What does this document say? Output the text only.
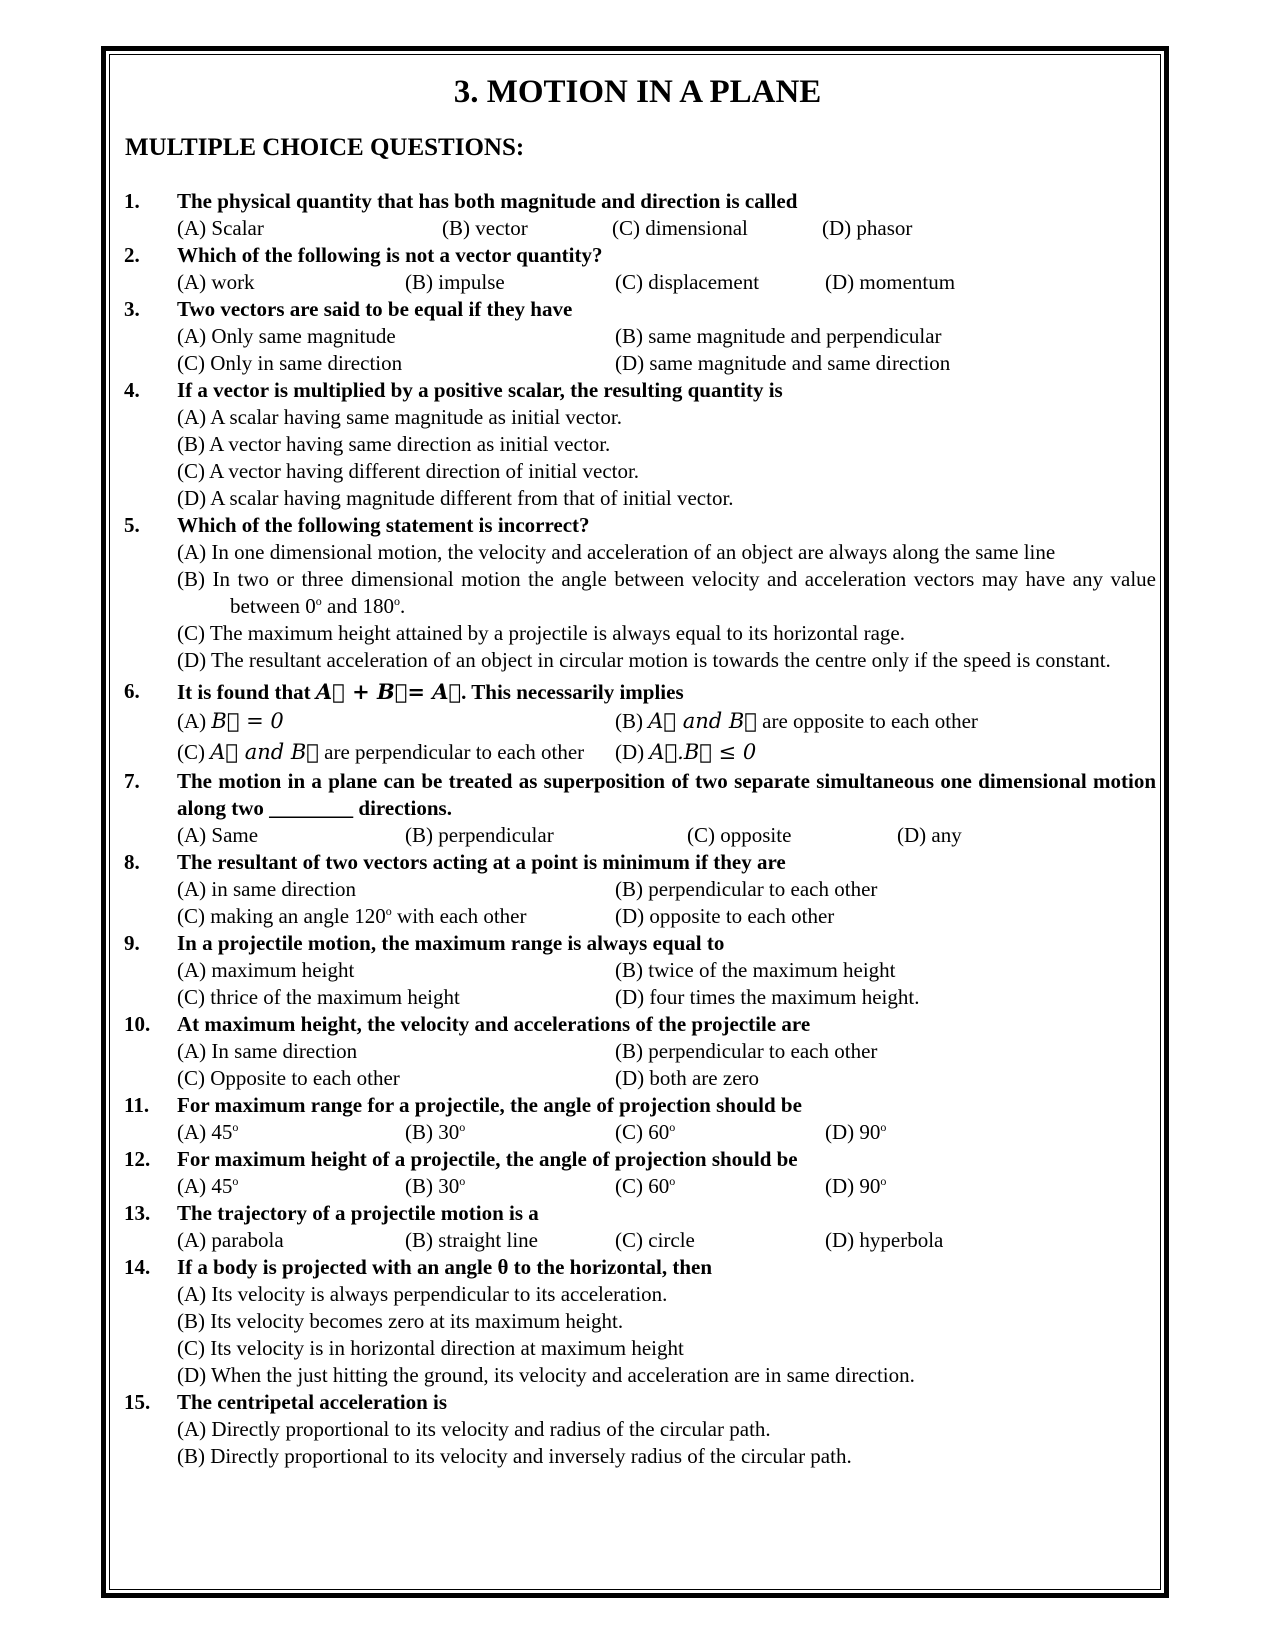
3. MOTION IN A PLANE
MULTIPLE CHOICE QUESTIONS:
1.	The physical quantity that has both magnitude and direction is called
(A) Scalar	(B) vector	(C) dimensional	(D) phasor
2.	Which of the following is not a vector quantity?
(A) work	(B) impulse	(C) displacement	(D) momentum
3.	Two vectors are said to be equal if they have
(A) Only same magnitude	(B) same magnitude and perpendicular
(C) Only in same direction	(D) same magnitude and same direction
4.	If a vector is multiplied by a positive scalar, the resulting quantity is
(A) A scalar having same magnitude as initial vector.
(B) A vector having same direction as initial vector.
(C) A vector having different direction of initial vector.
(D) A scalar having magnitude different from that of initial vector.
5.	Which of the following statement is incorrect?
(A) In one dimensional motion, the velocity and acceleration of an object are always along the same line
(B) In two or three dimensional motion the angle between velocity and acceleration vectors may have any value between 0$^o$ and 180$^o$.
(C) The maximum height attained by a projectile is always equal to its horizontal rage.
(D) The resultant acceleration of an object in circular motion is towards the centre only if the speed is constant.
6.	It is found that A⃗ + B⃗= A⃗. This necessarily implies
(A) B⃗ = 0	(B) A⃗ and B⃗ are opposite to each other
(C) A⃗ and B⃗ are perpendicular to each other	(D) A⃗.B⃗ ≤ 0
7.	The motion in a plane can be treated as superposition of two separate simultaneous one dimensional motion along two ________ directions.
(A) Same	(B) perpendicular	(C) opposite	(D) any
8.	The resultant of two vectors acting at a point is minimum if they are
(A) in same direction	(B) perpendicular to each other
(C) making an angle 120$^o$ with each other	(D) opposite to each other
9.	In a projectile motion, the maximum range is always equal to
(A) maximum height	(B) twice of the maximum height
(C) thrice of the maximum height	(D) four times the maximum height.
10.	At maximum height, the velocity and accelerations of the projectile are
(A) In same direction	(B) perpendicular to each other
(C) Opposite to each other	(D) both are zero
11.	For maximum range for a projectile, the angle of projection should be
(A) 45$^o$	(B) 30$^o$	(C) 60$^o$	(D) 90$^o$
12.	For maximum height of a projectile, the angle of projection should be
(A) 45$^o$	(B) 30$^o$	(C) 60$^o$	(D) 90$^o$
13.	The trajectory of a projectile motion is a
(A) parabola	(B) straight line	(C) circle	(D) hyperbola
14.	If a body is projected with an angle θ to the horizontal, then
(A) Its velocity is always perpendicular to its acceleration.
(B) Its velocity becomes zero at its maximum height.
(C) Its velocity is in horizontal direction at maximum height
(D) When the just hitting the ground, its velocity and acceleration are in same direction.
15.	The centripetal acceleration is
(A) Directly proportional to its velocity and radius of the circular path.
(B) Directly proportional to its velocity and inversely radius of the circular path.
